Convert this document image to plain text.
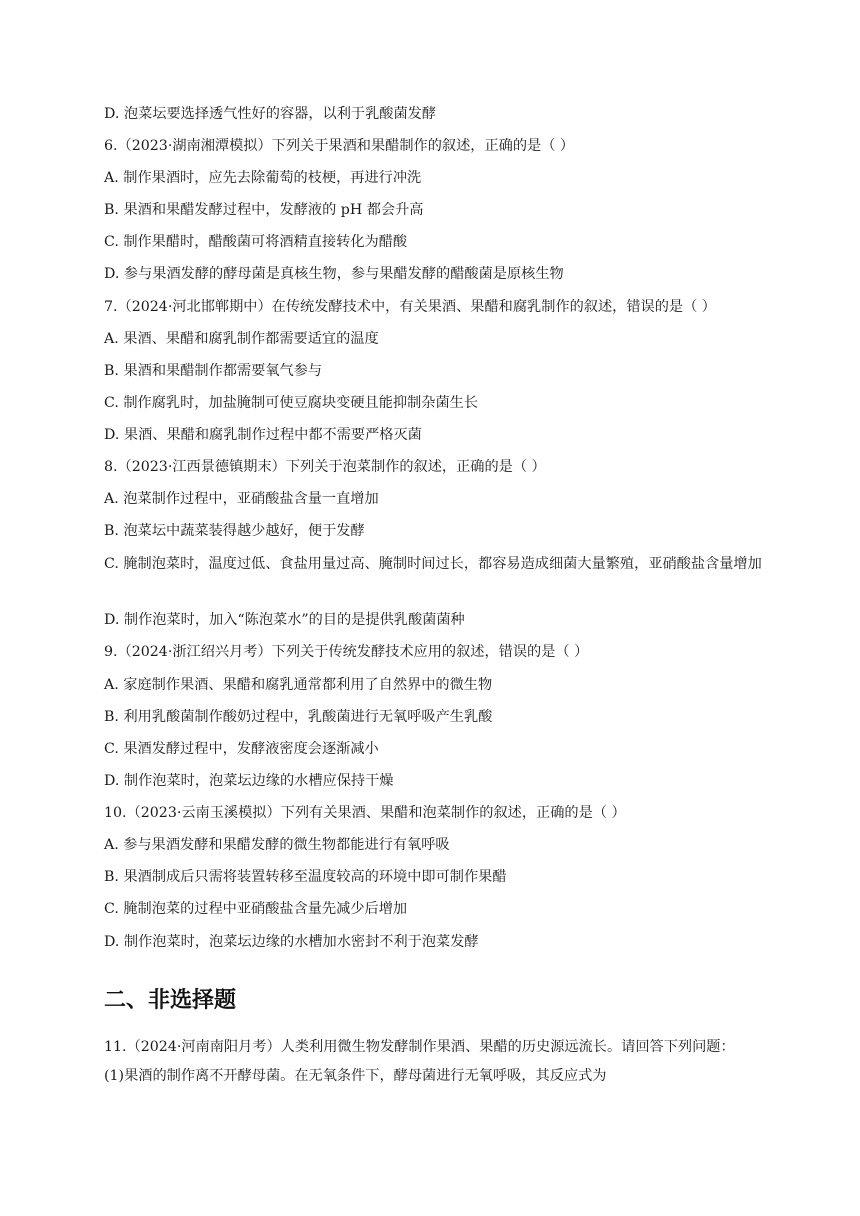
D. 泡菜坛要选择透气性好的容器，以利于乳酸菌发酵
6.（2023·湖南湘潭模拟）下列关于果酒和果醋制作的叙述，正确的是（ ）
A. 制作果酒时，应先去除葡萄的枝梗，再进行冲洗
B. 果酒和果醋发酵过程中，发酵液的 pH 都会升高
C. 制作果醋时，醋酸菌可将酒精直接转化为醋酸
D. 参与果酒发酵的酵母菌是真核生物，参与果醋发酵的醋酸菌是原核生物
7.（2024·河北邯郸期中）在传统发酵技术中，有关果酒、果醋和腐乳制作的叙述，错误的是（ ）
A. 果酒、果醋和腐乳制作都需要适宜的温度
B. 果酒和果醋制作都需要氧气参与
C. 制作腐乳时，加盐腌制可使豆腐块变硬且能抑制杂菌生长
D. 果酒、果醋和腐乳制作过程中都不需要严格灭菌
8.（2023·江西景德镇期末）下列关于泡菜制作的叙述，正确的是（ ）
A. 泡菜制作过程中，亚硝酸盐含量一直增加
B. 泡菜坛中蔬菜装得越少越好，便于发酵
C. 腌制泡菜时，温度过低、食盐用量过高、腌制时间过长，都容易造成细菌大量繁殖，亚硝酸盐含量增加
D. 制作泡菜时，加入“陈泡菜水”的目的是提供乳酸菌菌种
9.（2024·浙江绍兴月考）下列关于传统发酵技术应用的叙述，错误的是（ ）
A. 家庭制作果酒、果醋和腐乳通常都利用了自然界中的微生物
B. 利用乳酸菌制作酸奶过程中，乳酸菌进行无氧呼吸产生乳酸
C. 果酒发酵过程中，发酵液密度会逐渐减小
D. 制作泡菜时，泡菜坛边缘的水槽应保持干燥
10.（2023·云南玉溪模拟）下列有关果酒、果醋和泡菜制作的叙述，正确的是（ ）
A. 参与果酒发酵和果醋发酵的微生物都能进行有氧呼吸
B. 果酒制成后只需将装置转移至温度较高的环境中即可制作果醋
C. 腌制泡菜的过程中亚硝酸盐含量先减少后增加
D. 制作泡菜时，泡菜坛边缘的水槽加水密封不利于泡菜发酵
二、非选择题
11.（2024·河南南阳月考）人类利用微生物发酵制作果酒、果醋的历史源远流长。请回答下列问题：
(1)果酒的制作离不开酵母菌。在无氧条件下，酵母菌进行无氧呼吸，其反应式为
